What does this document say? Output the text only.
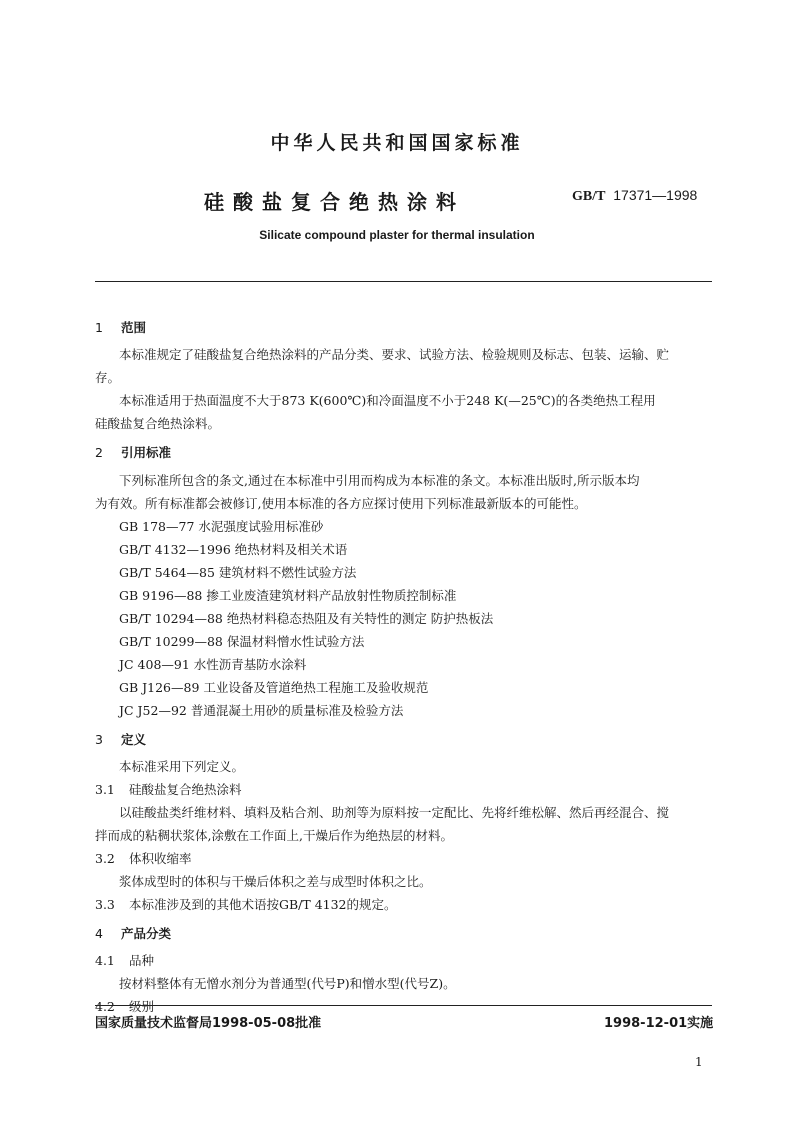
中华人民共和国国家标准
硅酸盐复合绝热涂料	GB/T 17371—1998
Silicate compound plaster for thermal insulation
1 范围
本标准规定了硅酸盐复合绝热涂料的产品分类、要求、试验方法、检验规则及标志、包装、运输、贮
存。
本标准适用于热面温度不大于873 K(600℃)和冷面温度不小于248 K(—25℃)的各类绝热工程用
硅酸盐复合绝热涂料。
2 引用标准
下列标准所包含的条文,通过在本标准中引用而构成为本标准的条文。本标准出版时,所示版本均
为有效。所有标准都会被修订,使用本标准的各方应探讨使用下列标准最新版本的可能性。
GB 178—77 水泥强度试验用标准砂
GB/T 4132—1996 绝热材料及相关术语
GB/T 5464—85 建筑材料不燃性试验方法
GB 9196—88 掺工业废渣建筑材料产品放射性物质控制标准
GB/T 10294—88 绝热材料稳态热阻及有关特性的测定 防护热板法
GB/T 10299—88 保温材料憎水性试验方法
JC 408—91 水性沥青基防水涂料
GB J126—89 工业设备及管道绝热工程施工及验收规范
JC J52—92 普通混凝土用砂的质量标准及检验方法
3 定义
本标准采用下列定义。
3.1 硅酸盐复合绝热涂料
以硅酸盐类纤维材料、填料及粘合剂、助剂等为原料按一定配比、先将纤维松解、然后再经混合、搅
拌而成的粘稠状浆体,涂敷在工作面上,干燥后作为绝热层的材料。
3.2 体积收缩率
浆体成型时的体积与干燥后体积之差与成型时体积之比。
3.3 本标准涉及到的其他术语按GB/T 4132的规定。
4 产品分类
4.1 品种
按材料整体有无憎水剂分为普通型(代号P)和憎水型(代号Z)。
4.2 级别
国家质量技术监督局1998-05-08批准	1998-12-01实施
1
